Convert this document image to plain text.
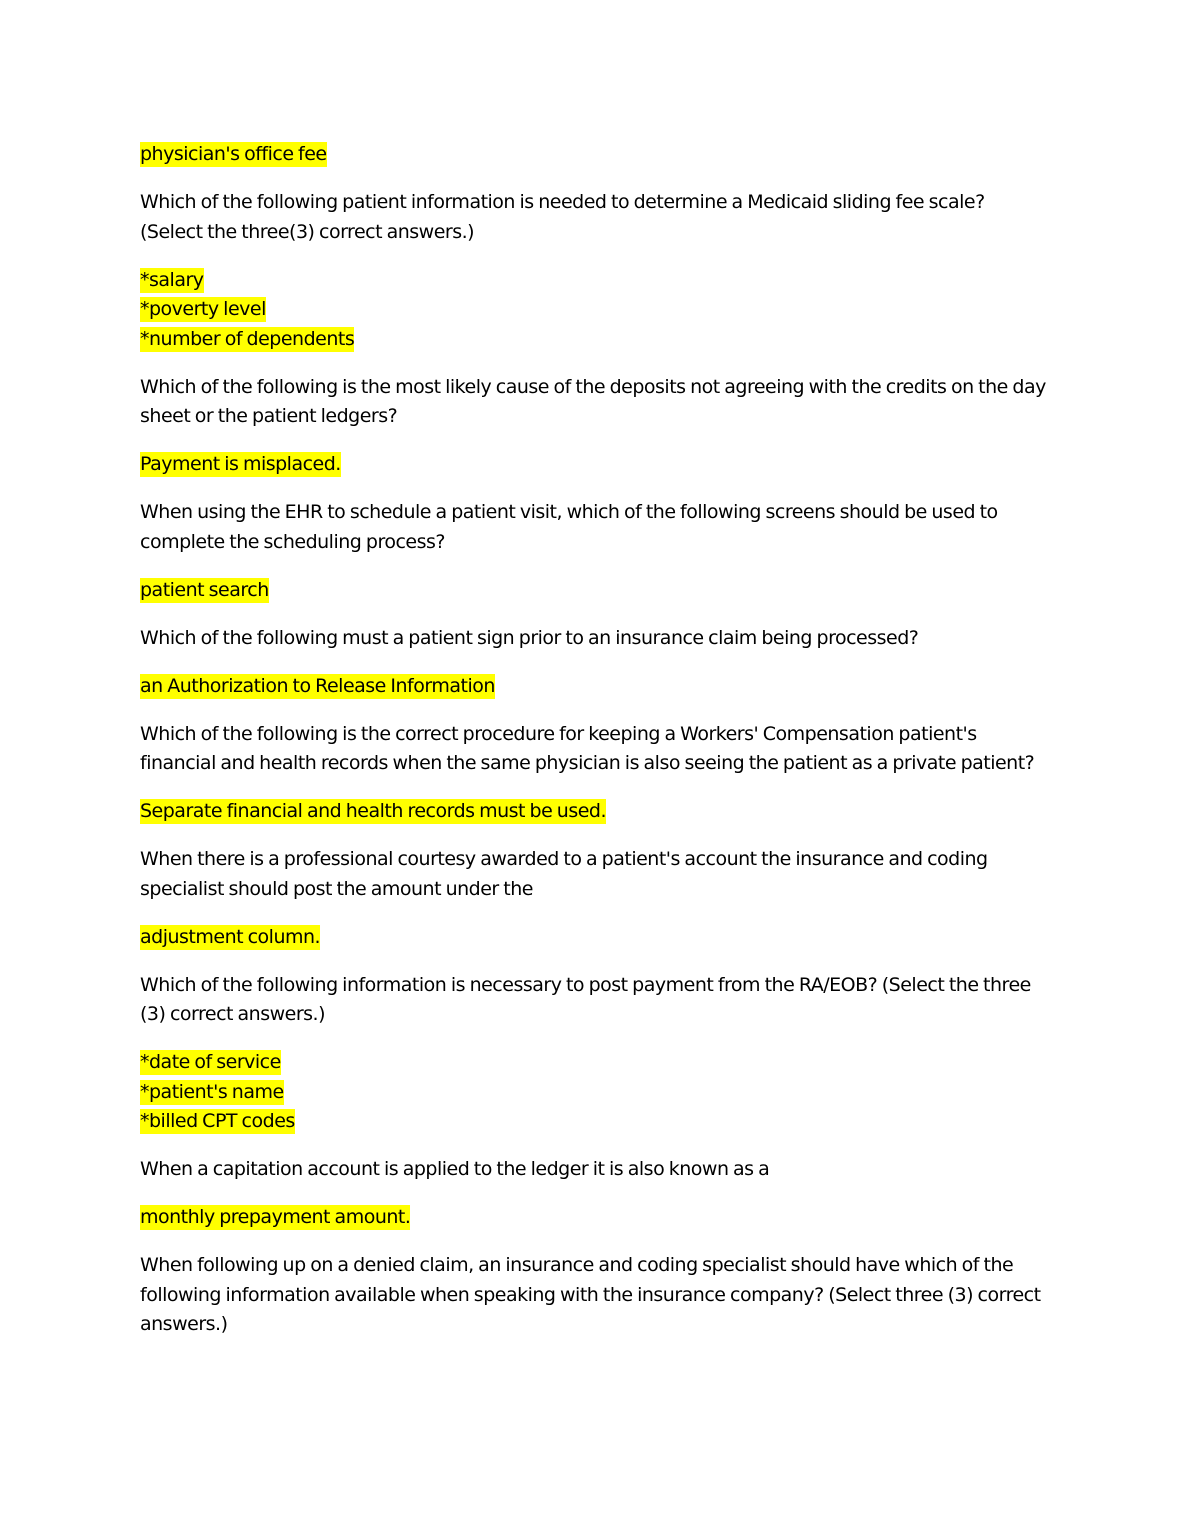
physician's office fee
Which of the following patient information is needed to determine a Medicaid sliding fee scale? (Select the three(3) correct answers.)
*salary
*poverty level
*number of dependents
Which of the following is the most likely cause of the deposits not agreeing with the credits on the day sheet or the patient ledgers?
Payment is misplaced.
When using the EHR to schedule a patient visit, which of the following screens should be used to complete the scheduling process?
patient search
Which of the following must a patient sign prior to an insurance claim being processed?
an Authorization to Release Information
Which of the following is the correct procedure for keeping a Workers' Compensation patient's financial and health records when the same physician is also seeing the patient as a private patient?
Separate financial and health records must be used.
When there is a professional courtesy awarded to a patient's account the insurance and coding specialist should post the amount under the
adjustment column.
Which of the following information is necessary to post payment from the RA/EOB? (Select the three (3) correct answers.)
*date of service
*patient's name
*billed CPT codes
When a capitation account is applied to the ledger it is also known as a
monthly prepayment amount.
When following up on a denied claim, an insurance and coding specialist should have which of the following information available when speaking with the insurance company? (Select three (3) correct answers.)
